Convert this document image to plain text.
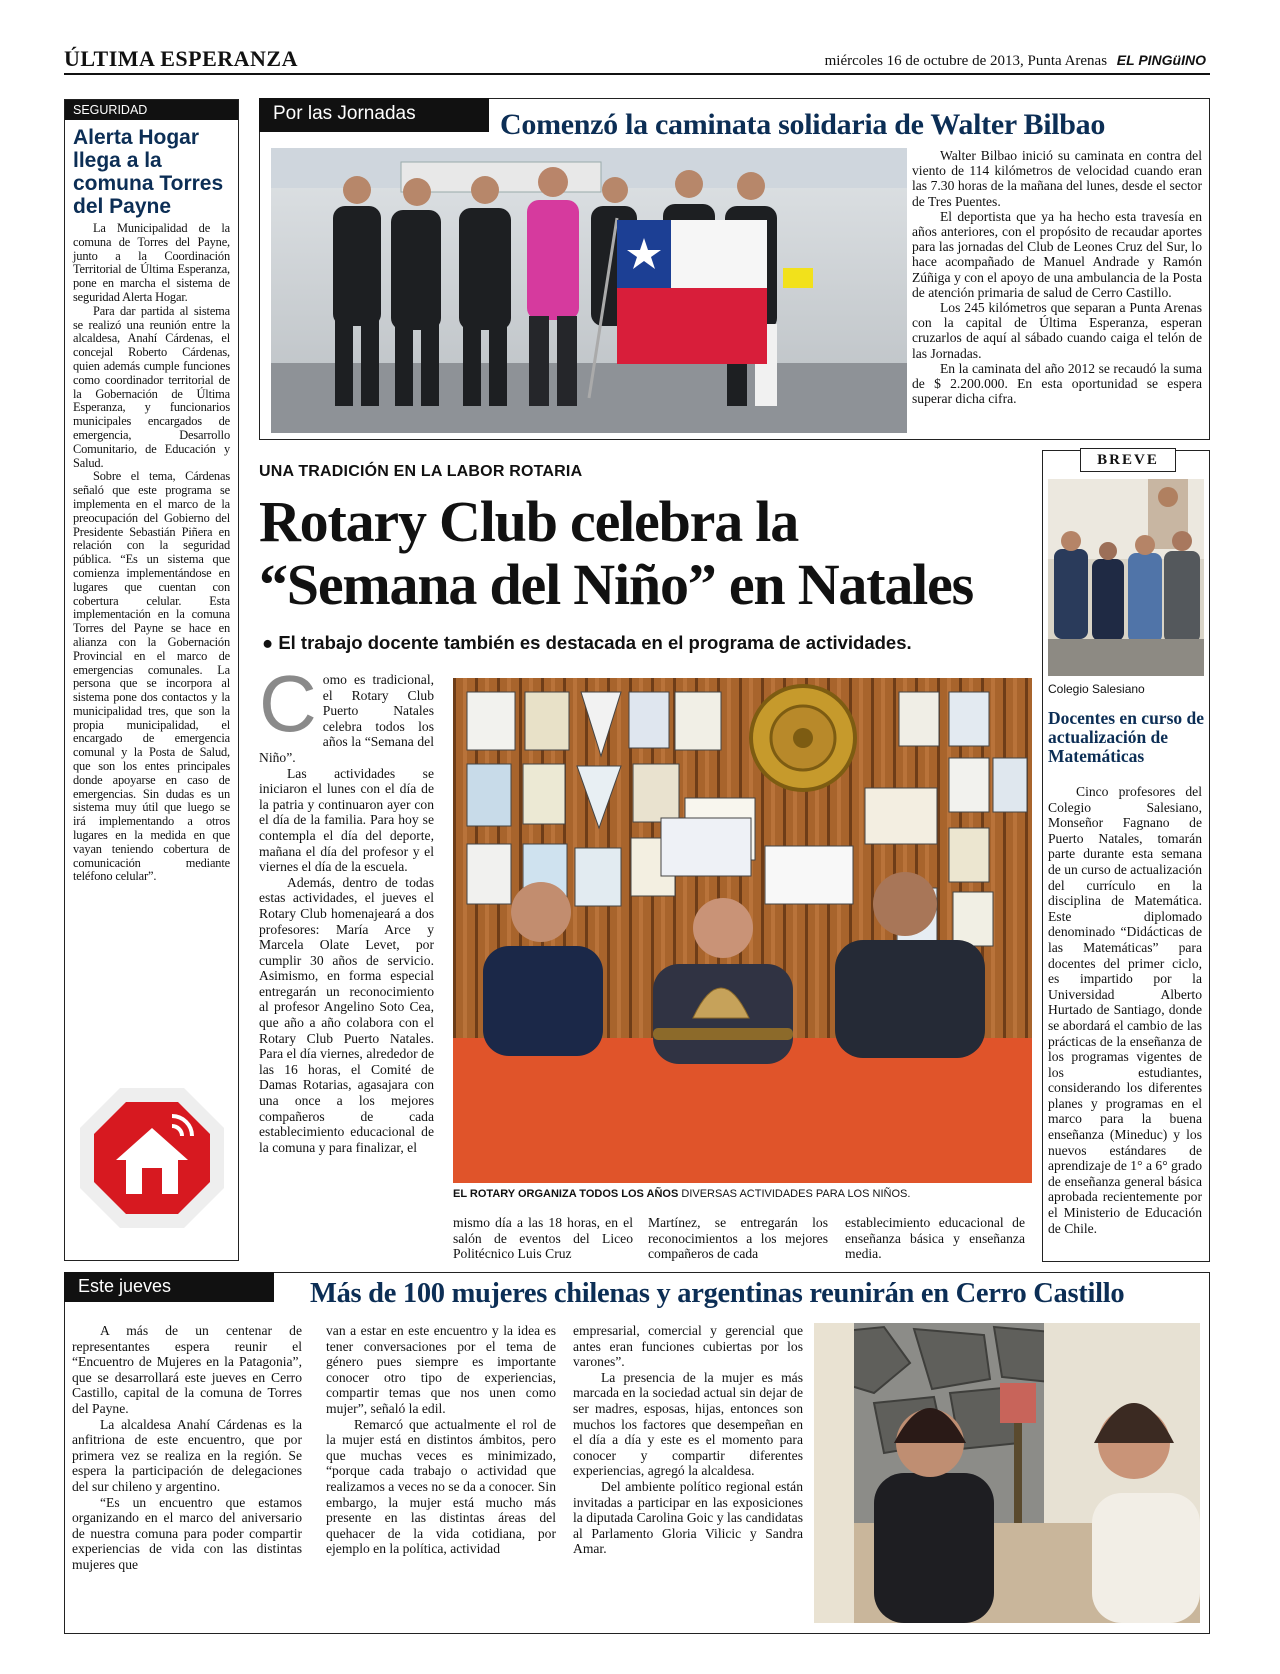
ÚLTIMA ESPERANZA	miércoles 16 de octubre de 2013, Punta Arenas EL PINGüINO
SEGURIDAD
Alerta Hogar llega a la comuna Torres del Payne
La Municipalidad de la comuna de Torres del Payne, junto a la Coordinación Territorial de Última Esperanza, pone en marcha el sistema de seguridad Alerta Hogar.
Para dar partida al sistema se realizó una reunión entre la alcaldesa, Anahí Cárdenas, el concejal Roberto Cárdenas, quien además cumple funciones como coordinador territorial de la Gobernación de Última Esperanza, y funcionarios municipales encargados de emergencia, Desarrollo Comunitario, de Educación y Salud.
Sobre el tema, Cárdenas señaló que este programa se implementa en el marco de la preocupación del Gobierno del Presidente Sebastián Piñera en relación con la seguridad pública. “Es un sistema que comienza implementándose en lugares que cuentan con cobertura celular. Esta implementación en la comuna Torres del Payne se hace en alianza con la Gobernación Provincial en el marco de emergencias comunales. La persona que se incorpora al sistema pone dos contactos y la municipalidad tres, que son la propia municipalidad, el encargado de emergencia comunal y la Posta de Salud, que son los entes principales donde apoyarse en caso de emergencias. Sin dudas es un sistema muy útil que luego se irá implementando a otros lugares en la medida en que vayan teniendo cobertura de comunicación mediante teléfono celular”.
Por las Jornadas	Comenzó la caminata solidaria de Walter Bilbao
Walter Bilbao inició su caminata en contra del viento de 114 kilómetros de velocidad cuando eran las 7.30 horas de la mañana del lunes, desde el sector de Tres Puentes.
El deportista que ya ha hecho esta travesía en años anteriores, con el propósito de recaudar aportes para las jornadas del Club de Leones Cruz del Sur, lo hace acompañado de Manuel Andrade y Ramón Zúñiga y con el apoyo de una ambulancia de la Posta de atención primaria de salud de Cerro Castillo.
Los 245 kilómetros que separan a Punta Arenas con la capital de Última Esperanza, esperan cruzarlos de aquí al sábado cuando caiga el telón de las Jornadas.
En la caminata del año 2012 se recaudó la suma de $ 2.200.000. En esta oportunidad se espera superar dicha cifra.
UNA TRADICIÓN EN LA LABOR ROTARIA
Rotary Club celebra la
“Semana del Niño” en Natales
● El trabajo docente también es destacada en el programa de actividades.
C omo es tradicional, el Rotary Club Puerto Natales celebra todos los años la “Semana del Niño”.
Las actividades se iniciaron el lunes con el día de la patria y continuaron ayer con el día de la familia. Para hoy se contempla el día del deporte, mañana el día del profesor y el viernes el día de la escuela.
Además, dentro de todas estas actividades, el jueves el Rotary Club homenajeará a dos profesores: María Arce y Marcela Olate Levet, por cumplir 30 años de servicio. Asimismo, en forma especial entregarán un reconocimiento al profesor Angelino Soto Cea, que año a año colabora con el Rotary Club Puerto Natales. Para el día viernes, alrededor de las 16 horas, el Comité de Damas Rotarias, agasajara con una once a los mejores compañeros de cada establecimiento educacional de la comuna y para finalizar, el
EL ROTARY ORGANIZA TODOS LOS AÑOS DIVERSAS ACTIVIDADES PARA LOS NIÑOS.
mismo día a las 18 horas, en el salón de eventos del Liceo Politécnico Luis Cruz
Martínez, se entregarán los reconocimientos a los mejores compañeros de cada
establecimiento educacional de enseñanza básica y enseñanza media.
BREVE
Colegio Salesiano
Docentes en curso de actualización de Matemáticas
Cinco profesores del Colegio Salesiano, Monseñor Fagnano de Puerto Natales, tomarán parte durante esta semana de un curso de actualización del currículo en la disciplina de Matemática. Este diplomado denominado “Didácticas de las Matemáticas” para docentes del primer ciclo, es impartido por la Universidad Alberto Hurtado de Santiago, donde se abordará el cambio de las prácticas de la enseñanza de los programas vigentes de los estudiantes, considerando los diferentes planes y programas en el marco para la buena enseñanza (Mineduc) y los nuevos estándares de aprendizaje de 1° a 6° grado de enseñanza general básica aprobada recientemente por el Ministerio de Educación de Chile.
Este jueves	Más de 100 mujeres chilenas y argentinas reunirán en Cerro Castillo
A más de un centenar de representantes espera reunir el “Encuentro de Mujeres en la Patagonia”, que se desarrollará este jueves en Cerro Castillo, capital de la comuna de Torres del Payne.
La alcaldesa Anahí Cárdenas es la anfitriona de este encuentro, que por primera vez se realiza en la región. Se espera la participación de delegaciones del sur chileno y argentino.
“Es un encuentro que estamos organizando en el marco del aniversario de nuestra comuna para poder compartir experiencias de vida con las distintas mujeres que
van a estar en este encuentro y la idea es tener conversaciones por el tema de género pues siempre es importante conocer otro tipo de experiencias, compartir temas que nos unen como mujer”, señaló la edil.
Remarcó que actualmente el rol de la mujer está en distintos ámbitos, pero que muchas veces es minimizado, “porque cada trabajo o actividad que realizamos a veces no se da a conocer. Sin embargo, la mujer está mucho más presente en las distintas áreas del quehacer de la vida cotidiana, por ejemplo en la política, actividad
empresarial, comercial y gerencial que antes eran funciones cubiertas por los varones”.
La presencia de la mujer es más marcada en la sociedad actual sin dejar de ser madres, esposas, hijas, entonces son muchos los factores que desempeñan en el día a día y este es el momento para conocer y compartir diferentes experiencias, agregó la alcaldesa.
Del ambiente político regional están invitadas a participar en las exposiciones la diputada Carolina Goic y las candidatas al Parlamento Gloria Vilicic y Sandra Amar.
